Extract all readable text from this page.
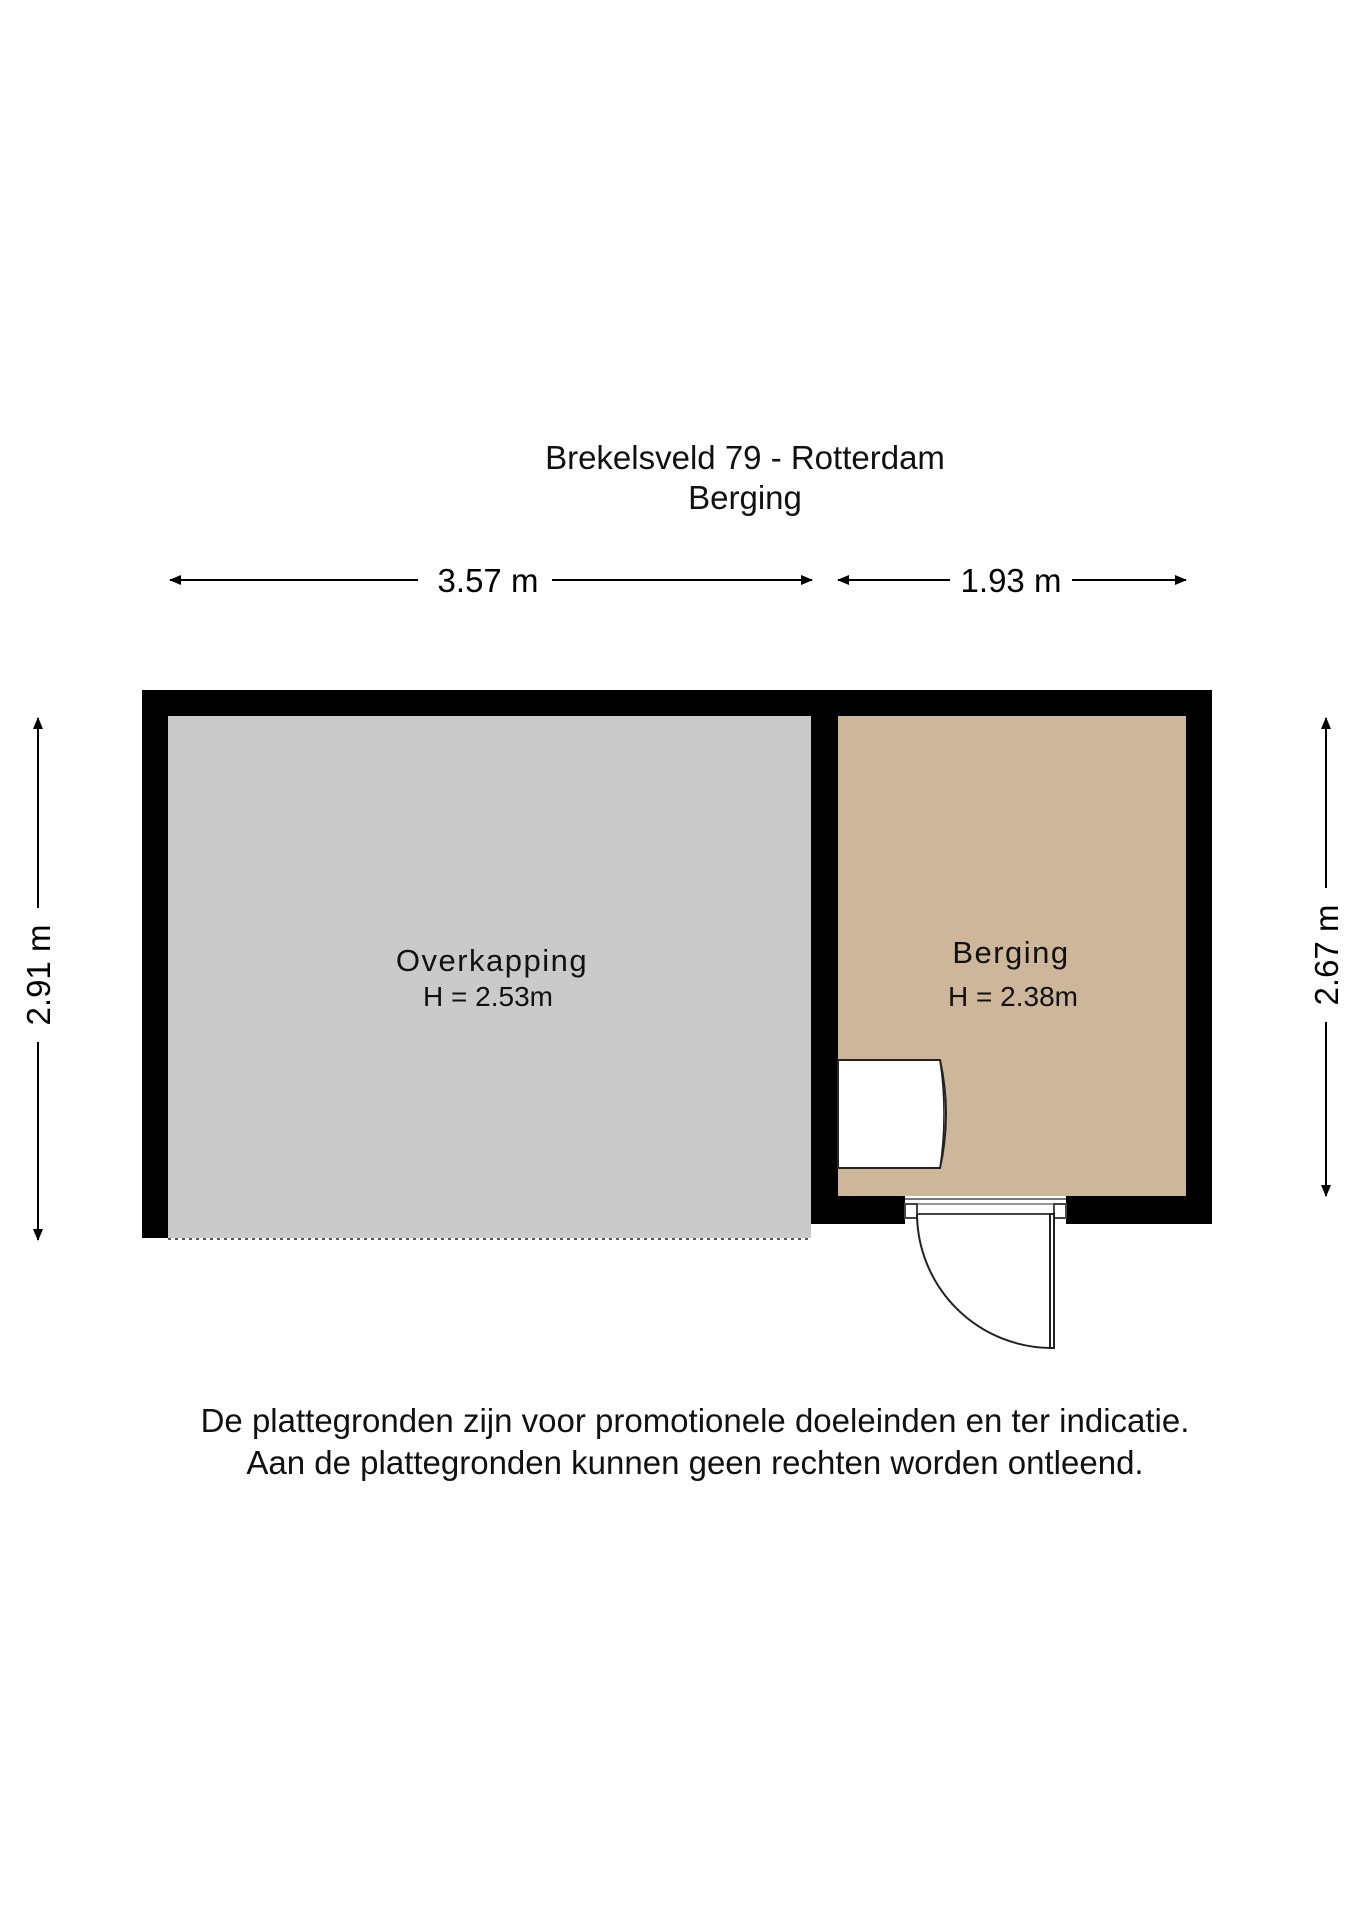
Brekelsveld 79 - Rotterdam
Berging
3.57 m	1.93 m
2.91 m	2.67 m
Overkapping
H = 2.53m
Berging
H = 2.38m
De plattegronden zijn voor promotionele doeleinden en ter indicatie.
Aan de plattegronden kunnen geen rechten worden ontleend.
